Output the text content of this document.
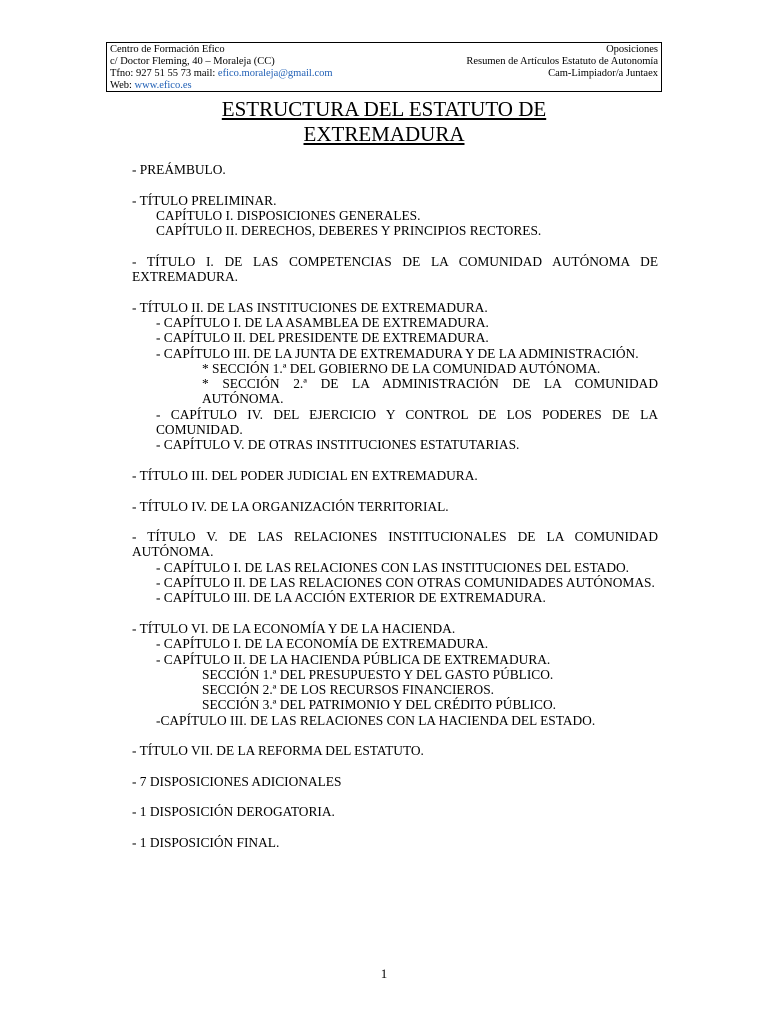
Centro de Formación Efico	Oposiciones
c/ Doctor Fleming, 40 – Moraleja (CC)	Resumen de Artículos Estatuto de Autonomía
Tfno: 927 51 55 73 mail: efico.moraleja@gmail.com	Cam-Limpiador/a Juntaex
Web: www.efico.es
ESTRUCTURA DEL ESTATUTO DE
EXTREMADURA
- PREÁMBULO.
- TÍTULO PRELIMINAR.
CAPÍTULO I. DISPOSICIONES GENERALES.
CAPÍTULO II. DERECHOS, DEBERES Y PRINCIPIOS RECTORES.
- TÍTULO I. DE LAS COMPETENCIAS DE LA COMUNIDAD AUTÓNOMA DE EXTREMADURA.
- TÍTULO II. DE LAS INSTITUCIONES DE EXTREMADURA.
- CAPÍTULO I. DE LA ASAMBLEA DE EXTREMADURA.
- CAPÍTULO II. DEL PRESIDENTE DE EXTREMADURA.
- CAPÍTULO III. DE LA JUNTA DE EXTREMADURA Y DE LA ADMINISTRACIÓN.
* SECCIÓN 1.ª DEL GOBIERNO DE LA COMUNIDAD AUTÓNOMA.
* SECCIÓN 2.ª DE LA ADMINISTRACIÓN DE LA COMUNIDAD AUTÓNOMA.
- CAPÍTULO IV. DEL EJERCICIO Y CONTROL DE LOS PODERES DE LA COMUNIDAD.
- CAPÍTULO V. DE OTRAS INSTITUCIONES ESTATUTARIAS.
- TÍTULO III. DEL PODER JUDICIAL EN EXTREMADURA.
- TÍTULO IV. DE LA ORGANIZACIÓN TERRITORIAL.
- TÍTULO V. DE LAS RELACIONES INSTITUCIONALES DE LA COMUNIDAD AUTÓNOMA.
- CAPÍTULO I. DE LAS RELACIONES CON LAS INSTITUCIONES DEL ESTADO.
- CAPÍTULO II. DE LAS RELACIONES CON OTRAS COMUNIDADES AUTÓNOMAS.
- CAPÍTULO III. DE LA ACCIÓN EXTERIOR DE EXTREMADURA.
- TÍTULO VI. DE LA ECONOMÍA Y DE LA HACIENDA.
- CAPÍTULO I. DE LA ECONOMÍA DE EXTREMADURA.
- CAPÍTULO II. DE LA HACIENDA PÚBLICA DE EXTREMADURA.
SECCIÓN 1.ª DEL PRESUPUESTO Y DEL GASTO PÚBLICO.
SECCIÓN 2.ª DE LOS RECURSOS FINANCIEROS.
SECCIÓN 3.ª DEL PATRIMONIO Y DEL CRÉDITO PÚBLICO.
-CAPÍTULO III. DE LAS RELACIONES CON LA HACIENDA DEL ESTADO.
- TÍTULO VII. DE LA REFORMA DEL ESTATUTO.
- 7 DISPOSICIONES ADICIONALES
- 1 DISPOSICIÓN DEROGATORIA.
- 1 DISPOSICIÓN FINAL.
1
